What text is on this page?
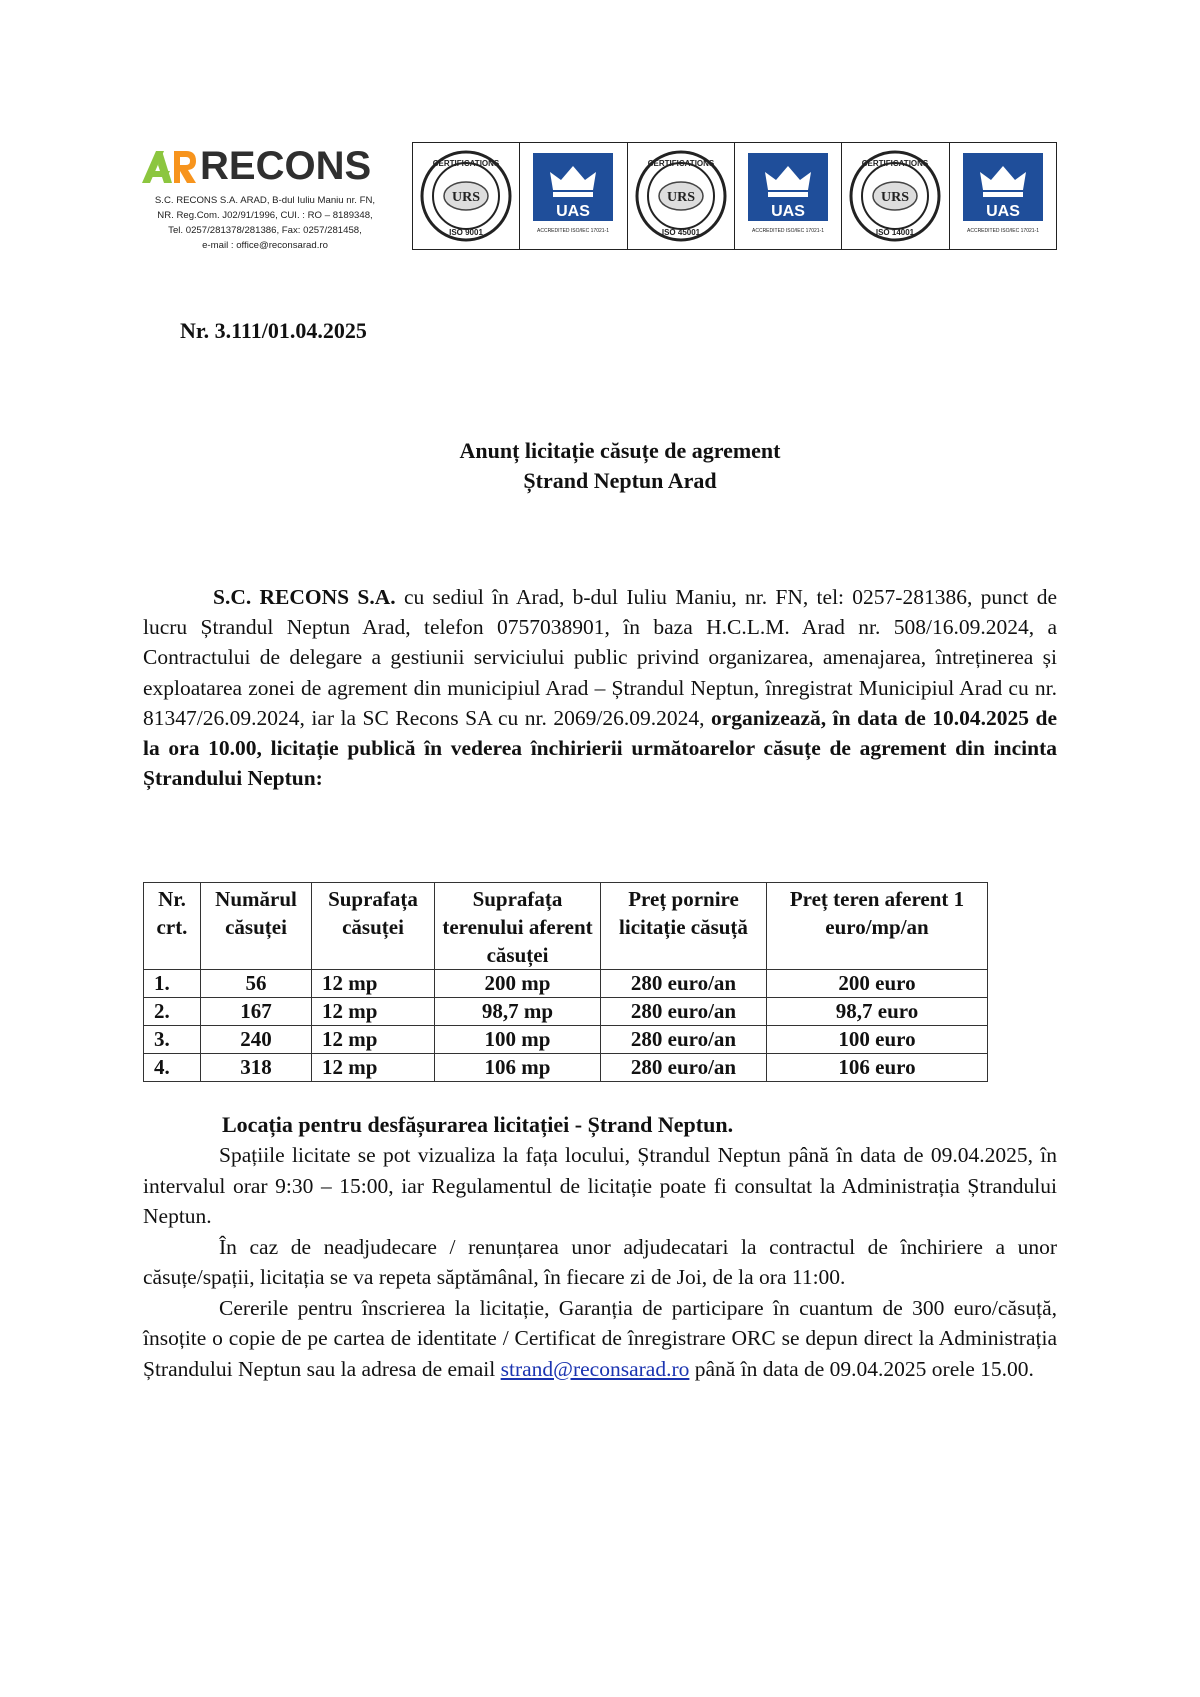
RECONS
S.C. RECONS S.A. ARAD, B-dul Iuliu Maniu nr. FN,
NR. Reg.Com. J02/91/1996, CUI. : RO – 8189348,
Tel. 0257/281378/281386, Fax: 0257/281458,
e-mail : office@reconsarad.ro
URS
CERTIFICATIONS
ISO 9001
UAS
ACCREDITED ISO/IEC 17021-1
URS
CERTIFICATIONS
ISO 45001
UAS
ACCREDITED ISO/IEC 17021-1
URS
CERTIFICATIONS
ISO 14001
UAS
ACCREDITED ISO/IEC 17021-1
Nr. 3.111/01.04.2025
Anunț licitație căsuțe de agrement
Ștrand Neptun Arad
S.C. RECONS S.A. cu sediul în Arad, b-dul Iuliu Maniu, nr. FN, tel: 0257-281386, punct de lucru Ștrandul Neptun Arad, telefon 0757038901, în baza H.C.L.M. Arad nr. 508/16.09.2024, a Contractului de delegare a gestiunii serviciului public privind organizarea, amenajarea, întreținerea și exploatarea zonei de agrement din municipiul Arad – Ștrandul Neptun, înregistrat Municipiul Arad cu nr. 81347/26.09.2024, iar la SC Recons SA cu nr. 2069/26.09.2024, organizează, în data de 10.04.2025 de la ora 10.00, licitație publică în vederea închirierii următoarelor căsuțe de agrement din incinta Ștrandului Neptun:
Nr. crt.	Numărul căsuței	Suprafața căsuței	Suprafața terenului aferent căsuței	Preț pornire licitație căsuță	Preț teren aferent 1 euro/mp/an
1.	56	12 mp	200 mp	280 euro/an	200 euro
2.	167	12 mp	98,7 mp	280 euro/an	98,7 euro
3.	240	12 mp	100 mp	280 euro/an	100 euro
4.	318	12 mp	106 mp	280 euro/an	106 euro
Locația pentru desfășurarea licitației - Ștrand Neptun.

Spațiile licitate se pot vizualiza la fața locului, Ștrandul Neptun până în data de 09.04.2025, în intervalul orar 9:30 – 15:00, iar Regulamentul de licitație poate fi consultat la Administrația Ștrandului Neptun.

În caz de neadjudecare / renunțarea unor adjudecatari la contractul de închiriere a unor căsuțe/spații, licitația se va repeta săptămânal, în fiecare zi de Joi, de la ora 11:00.

Cererile pentru înscrierea la licitație, Garanția de participare în cuantum de 300 euro/căsuță, însoțite o copie de pe cartea de identitate / Certificat de înregistrare ORC se depun direct la Administrația Ștrandului Neptun sau la adresa de email strand@reconsarad.ro până în data de 09.04.2025 orele 15.00.
